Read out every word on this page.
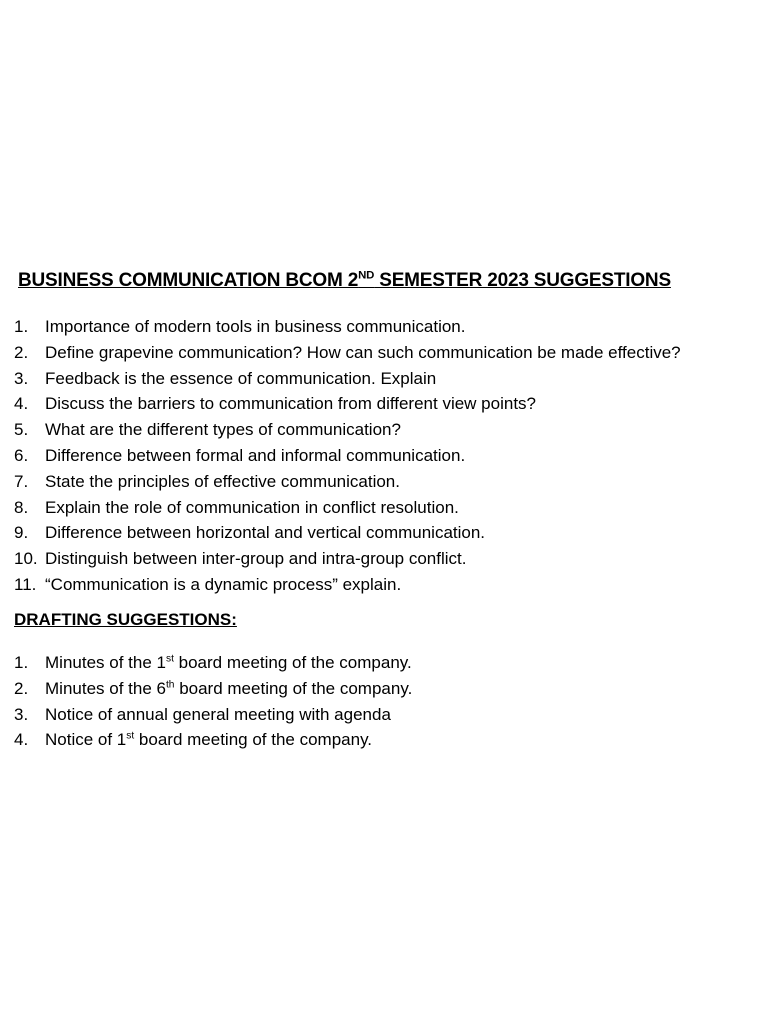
BUSINESS COMMUNICATION BCOM 2ND SEMESTER 2023 SUGGESTIONS
1. Importance of modern tools in business communication.
2. Define grapevine communication? How can such communication be made effective?
3. Feedback is the essence of communication. Explain
4. Discuss the barriers to communication from different view points?
5. What are the different types of communication?
6. Difference between formal and informal communication.
7. State the principles of effective communication.
8. Explain the role of communication in conflict resolution.
9. Difference between horizontal and vertical communication.
10. Distinguish between inter-group and intra-group conflict.
11. “Communication is a dynamic process” explain.
DRAFTING SUGGESTIONS:
1. Minutes of the 1st board meeting of the company.
2. Minutes of the 6th board meeting of the company.
3. Notice of annual general meeting with agenda
4. Notice of 1st board meeting of the company.
